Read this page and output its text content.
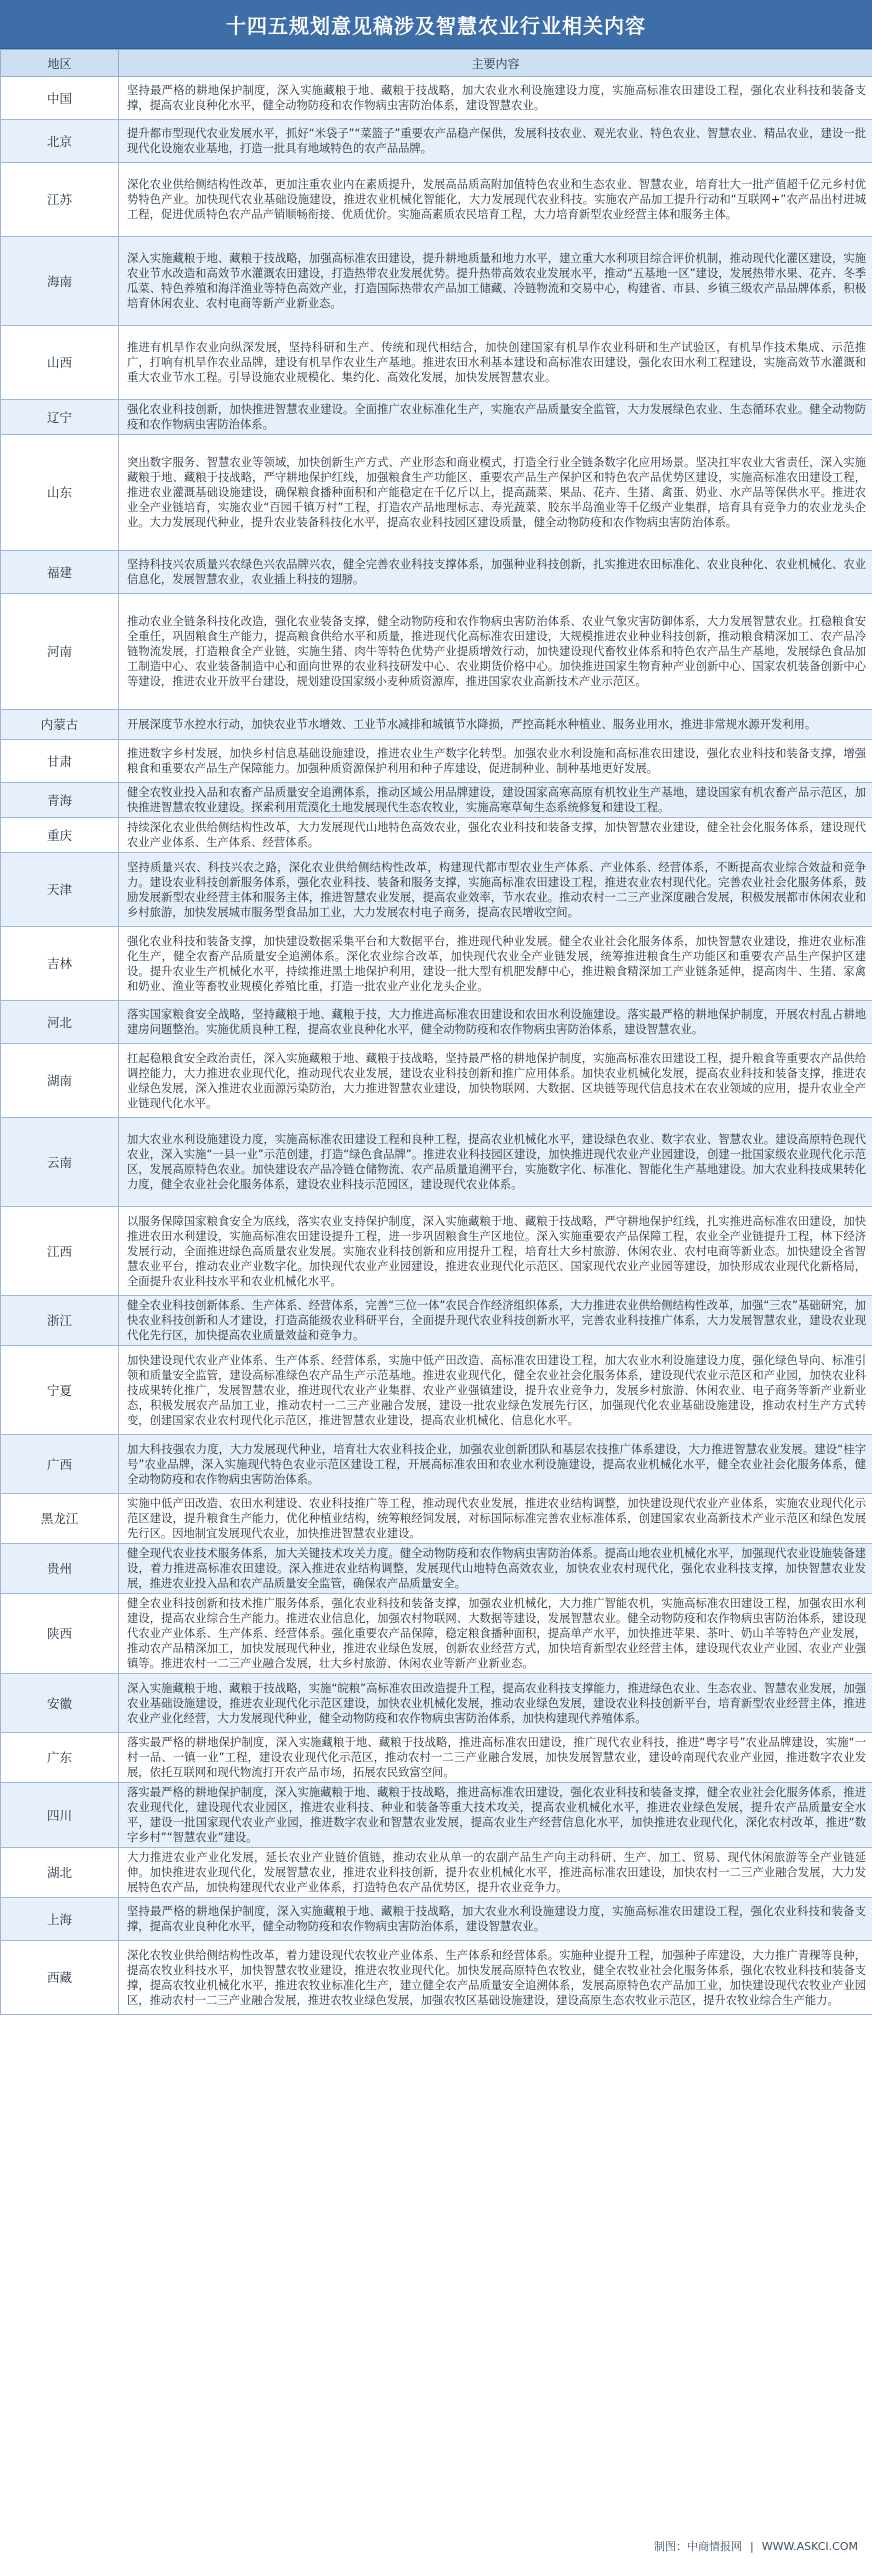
十四五规划意见稿涉及智慧农业行业相关内容
地区	主要内容
中国	坚持最严格的耕地保护制度，深入实施藏粮于地、藏粮于技战略，加大农业水利设施建设力度，实施高标准农田建设工程，强化农业科技和装备支撑，提高农业良种化水平，健全动物防疫和农作物病虫害防治体系，建设智慧农业。
北京	提升都市型现代农业发展水平，抓好“米袋子”“菜篮子”重要农产品稳产保供，发展科技农业、观光农业、特色农业、智慧农业、精品农业，建设一批现代化设施农业基地，打造一批具有地域特色的农产品品牌。
江苏	深化农业供给侧结构性改革，更加注重农业内在素质提升，发展高品质高附加值特色农业和生态农业、智慧农业，培育壮大一批产值超千亿元乡村优势特色产业。加快现代农业基础设施建设，推进农业机械化智能化，大力发展现代农业科技。实施农产品加工提升行动和“互联网+”农产品出村进城工程，促进优质特色农产品产销顺畅衔接、优质优价。实施高素质农民培育工程，大力培育新型农业经营主体和服务主体。
海南	深入实施藏粮于地、藏粮于技战略，加强高标准农田建设，提升耕地质量和地力水平，建立重大水利项目综合评价机制，推动现代化灌区建设，实施农业节水改造和高效节水灌溉农田建设，打造热带农业发展优势。提升热带高效农业发展水平，推动“五基地一区”建设，发展热带水果、花卉、冬季瓜菜、特色养殖和海洋渔业等特色高效产业，打造国际热带农产品加工储藏、冷链物流和交易中心，构建省、市县、乡镇三级农产品品牌体系，积极培育休闲农业、农村电商等新产业新业态。
山西	推进有机旱作农业向纵深发展，坚持科研和生产、传统和现代相结合，加快创建国家有机旱作农业科研和生产试验区，有机旱作技术集成、示范推广，打响有机旱作农业品牌，建设有机旱作农业生产基地。推进农田水利基本建设和高标准农田建设，强化农田水利工程建设，实施高效节水灌溉和重大农业节水工程。引导设施农业规模化、集约化、高效化发展，加快发展智慧农业。
辽宁	强化农业科技创新，加快推进智慧农业建设。全面推广农业标准化生产，实施农产品质量安全监管，大力发展绿色农业、生态循环农业。健全动物防疫和农作物病虫害防治体系。
山东	突出数字服务、智慧农业等领域，加快创新生产方式、产业形态和商业模式，打造全行业全链条数字化应用场景。坚决扛牢农业大省责任，深入实施藏粮于地、藏粮于技战略，严守耕地保护红线，加强粮食生产功能区、重要农产品生产保护区和特色农产品优势区建设，实施高标准农田建设工程，推进农业灌溉基础设施建设，确保粮食播种面积和产能稳定在千亿斤以上，提高蔬菜、果品、花卉、生猪、禽蛋、奶业、水产品等保供水平。推进农业全产业链培育，实施农业“百园千镇万村”工程，打造农产品地理标志、寿光蔬菜、胶东半岛渔业等千亿级产业集群，培育具有竞争力的农业龙头企业。大力发展现代种业，提升农业装备科技化水平，提高农业科技园区建设质量，健全动物防疫和农作物病虫害防治体系。
福建	坚持科技兴农质量兴农绿色兴农品牌兴农，健全完善农业科技支撑体系，加强种业科技创新，扎实推进农田标准化、农业良种化、农业机械化、农业信息化，发展智慧农业，农业插上科技的翅膀。
河南	推动农业全链条科技化改造，强化农业装备支撑，健全动物防疫和农作物病虫害防治体系、农业气象灾害防御体系，大力发展智慧农业。扛稳粮食安全重任，巩固粮食生产能力，提高粮食供给水平和质量，推进现代化高标准农田建设，大规模推进农业种业科技创新，推动粮食精深加工、农产品冷链物流发展，打造粮食全产业链，实施生猪、肉牛等特色优势产业提质增效行动，加快建设现代畜牧业体系和特色农产品生产基地，发展绿色食品加工制造中心、农业装备制造中心和面向世界的农业科技研发中心、农业期货价格中心。加快推进国家生物育种产业创新中心、国家农机装备创新中心等建设，推进农业开放平台建设，规划建设国家级小麦种质资源库，推进国家农业高新技术产业示范区。
内蒙古	开展深度节水控水行动，加快农业节水增效、工业节水减排和城镇节水降损，严控高耗水种植业、服务业用水，推进非常规水源开发利用。
甘肃	推进数字乡村发展，加快乡村信息基础设施建设，推进农业生产数字化转型。加强农业水利设施和高标准农田建设，强化农业科技和装备支撑，增强粮食和重要农产品生产保障能力。加强种质资源保护利用和种子库建设，促进制种业、制种基地更好发展。
青海	健全农牧业投入品和农畜产品质量安全追溯体系，推动区域公用品牌建设，建设国家高寒高原有机牧业生产基地，建设国家有机农畜产品示范区，加快推进智慧农牧业建设。探索利用荒漠化土地发展现代生态农牧业，实施高寒草甸生态系统修复和建设工程。
重庆	持续深化农业供给侧结构性改革，大力发展现代山地特色高效农业，强化农业科技和装备支撑，加快智慧农业建设，健全社会化服务体系，建设现代农业产业体系、生产体系、经营体系。
天津	坚持质量兴农、科技兴农之路，深化农业供给侧结构性改革，构建现代都市型农业生产体系、产业体系、经营体系，不断提高农业综合效益和竞争力。建设农业科技创新服务体系，强化农业科技、装备和服务支撑，实施高标准农田建设工程，推进农业农村现代化。完善农业社会化服务体系，鼓励发展新型农业经营主体和服务主体，推进智慧农业发展，提高农业效率，节水农业。推动农村一二三产业深度融合发展，积极发展都市休闲农业和乡村旅游，加快发展城市服务型食品加工业，大力发展农村电子商务，提高农民增收空间。
吉林	强化农业科技和装备支撑，加快建设数据采集平台和大数据平台，推进现代种业发展。健全农业社会化服务体系，加快智慧农业建设，推进农业标准化生产，健全农畜产品质量安全追溯体系。深化农业综合改革，加快现代农业全产业链发展，统筹推进粮食生产功能区和重要农产品生产保护区建设。提升农业生产机械化水平，持续推进黑土地保护利用，建设一批大型有机肥发酵中心，推进粮食精深加工产业链条延伸，提高肉牛、生猪、家禽和奶业、渔业等畜牧业规模化养殖比重，打造一批农业产业化龙头企业。
河北	落实国家粮食安全战略，坚持藏粮于地、藏粮于技，大力推进高标准农田建设和农田水利设施建设。落实最严格的耕地保护制度，开展农村乱占耕地建房问题整治。实施优质良种工程，提高农业良种化水平，健全动物防疫和农作物病虫害防治体系，建设智慧农业。
湖南	扛起稳粮食安全政治责任，深入实施藏粮于地、藏粮于技战略，坚持最严格的耕地保护制度，实施高标准农田建设工程，提升粮食等重要农产品供给调控能力，大力推进农业现代化，推动现代农业发展，建设农业科技创新和推广应用体系。加快农业机械化发展，提高农业科技和装备支撑，推进农业绿色发展，深入推进农业面源污染防治，大力推进智慧农业建设，加快物联网、大数据、区块链等现代信息技术在农业领域的应用，提升农业全产业链现代化水平。
云南	加大农业水利设施建设力度，实施高标准农田建设工程和良种工程，提高农业机械化水平，建设绿色农业、数字农业、智慧农业。建设高原特色现代农业，深入实施“一县一业”示范创建，打造“绿色食品牌”。推进农业科技园区建设，加快推进现代农业产业园建设，创建一批国家级农业现代化示范区，发展高原特色农业。加快建设农产品冷链仓储物流、农产品质量追溯平台，实施数字化、标准化、智能化生产基地建设。加大农业科技成果转化力度，健全农业社会化服务体系，建设农业科技示范园区，建设现代农业体系。
江西	以服务保障国家粮食安全为底线，落实农业支持保护制度，深入实施藏粮于地、藏粮于技战略，严守耕地保护红线，扎实推进高标准农田建设，加快推进农田水利建设，实施高标准农田建设提升工程，进一步巩固粮食生产区地位。深入实施重要农产品保障工程，农业全产业链提升工程，林下经济发展行动，全面推进绿色高质量农业发展。实施农业科技创新和应用提升工程，培育壮大乡村旅游、休闲农业、农村电商等新业态。加快建设全省智慧农业平台，推动农业产业数字化。加快现代农业产业园建设，推进农业现代化示范区、国家现代农业产业园等建设，加快形成农业现代化新格局，全面提升农业科技水平和农业机械化水平。
浙江	健全农业科技创新体系、生产体系、经营体系，完善“三位一体”农民合作经济组织体系，大力推进农业供给侧结构性改革，加强“三农”基础研究，加快农业科技创新和人才建设，打造高能级农业科研平台，全面提升现代农业科技创新水平，完善农业科技推广体系，大力发展智慧农业，建设农业现代化先行区，加快提高农业质量效益和竞争力。
宁夏	加快建设现代农业产业体系、生产体系、经营体系，实施中低产田改造、高标准农田建设工程，加大农业水利设施建设力度，强化绿色导向、标准引领和质量安全监管，建设高标准绿色农产品生产示范基地。推进农业现代化，健全农业社会化服务体系，建设现代农业示范区和产业园，加快农业科技成果转化推广，发展智慧农业，推进现代农业产业集群、农业产业强镇建设，提升农业竞争力，发展乡村旅游、休闲农业、电子商务等新产业新业态，积极发展农产品加工业，推动农村一二三产业融合发展，建设一批农业绿色发展先行区，加强现代化农业基础设施建设，推动农村生产方式转变，创建国家农业农村现代化示范区，推进智慧农业建设，提高农业机械化、信息化水平。
广西	加大科技强农力度，大力发展现代种业，培育壮大农业科技企业，加强农业创新团队和基层农技推广体系建设，大力推进智慧农业发展。建设“桂字号”农业品牌，深入实施现代特色农业示范区建设工程，开展高标准农田和农业水利设施建设，提高农业机械化水平，健全农业社会化服务体系，健全动物防疫和农作物病虫害防治体系。
黑龙江	实施中低产田改造、农田水利建设、农业科技推广等工程，推动现代农业发展，推进农业结构调整，加快建设现代农业产业体系，实施农业现代化示范区建设，提升粮食生产能力，优化种植业结构，统筹粮经饲发展，对标国际标准完善农业标准体系，创建国家农业高新技术产业示范区和绿色发展先行区。因地制宜发展现代农业，加快推进智慧农业建设。
贵州	健全现代农业技术服务体系，加大关键技术攻关力度。健全动物防疫和农作物病虫害防治体系。提高山地农业机械化水平，加强现代农业设施装备建设，着力推进高标准农田建设。深入推进农业结构调整，发展现代山地特色高效农业，加快农业农村现代化，强化农业科技支撑，加快智慧农业发展，推进农业投入品和农产品质量安全监管，确保农产品质量安全。
陕西	健全农业科技创新和技术推广服务体系，强化农业科技和装备支撑，加强农业机械化，大力推广智能农机，实施高标准农田建设工程，加强农田水利建设，提高农业综合生产能力。推进农业信息化，加强农村物联网、大数据等建设，发展智慧农业。健全动物防疫和农作物病虫害防治体系，建设现代农业产业体系、生产体系、经营体系。强化重要农产品保障，稳定粮食播种面积，提高单产水平，加快推进苹果、茶叶、奶山羊等特色产业发展，推动农产品精深加工，加快发展现代种业，推进农业绿色发展，创新农业经营方式，加快培育新型农业经营主体，建设现代农业产业园、农业产业强镇等。推进农村一二三产业融合发展，壮大乡村旅游、休闲农业等新产业新业态。
安徽	深入实施藏粮于地、藏粮于技战略，实施“皖粮”高标准农田改造提升工程，提高农业科技支撑能力，推进绿色农业、生态农业、智慧农业发展，加强农业基础设施建设，推进农业现代化示范区建设，加快农业机械化发展，推动农业绿色发展，建设农业科技创新平台，培育新型农业经营主体，推进农业产业化经营，大力发展现代种业，健全动物防疫和农作物病虫害防治体系，加快构建现代养殖体系。
广东	落实最严格的耕地保护制度，深入实施藏粮于地、藏粮于技战略，推进高标准农田建设，推广现代农业科技，推进“粤字号”农业品牌建设，实施“一村一品、一镇一业”工程，建设农业现代化示范区，推动农村一二三产业融合发展，加快发展智慧农业，建设岭南现代农业产业园，推进数字农业发展，依托互联网和现代物流打开农产品市场，拓展农民致富空间。
四川	落实最严格的耕地保护制度，深入实施藏粮于地、藏粮于技战略，推进高标准农田建设，强化农业科技和装备支撑，健全农业社会化服务体系，推进农业现代化，建设现代农业园区，推进农业科技、种业和装备等重大技术攻关，提高农业机械化水平，推进农业绿色发展，提升农产品质量安全水平，建设一批国家现代农业产业园，推进数字农业和智慧农业发展，提高农业生产经营信息化水平，加快推进农业现代化，深化农村改革，推进“数字乡村”“智慧农业”建设。
湖北	大力推进农业产业化发展，延长农业产业链价值链，推动农业从单一的农副产品生产向主动科研、生产、加工、贸易、现代休闲旅游等全产业链延伸。加快推进农业现代化，发展智慧农业，推进农业科技创新，提升农业机械化水平，推进高标准农田建设，加快农村一二三产业融合发展，大力发展特色农产品，加快构建现代农业产业体系，打造特色农产品优势区，提升农业竞争力。
上海	坚持最严格的耕地保护制度，深入实施藏粮于地、藏粮于技战略，加大农业水利设施建设力度，实施高标准农田建设工程，强化农业科技和装备支撑，提高农业良种化水平，健全动物防疫和农作物病虫害防治体系，建设智慧农业。
西藏	深化农牧业供给侧结构性改革，着力建设现代农牧业产业体系、生产体系和经营体系。实施种业提升工程，加强种子库建设，大力推广青稞等良种，提高农牧业科技水平，加快智慧农牧业建设，推进农牧业现代化。加快发展高原特色农牧业，健全农牧业社会化服务体系，强化农牧业科技和装备支撑，提高农牧业机械化水平，推进农牧业标准化生产，建立健全农产品质量安全追溯体系，发展高原特色农产品加工业，加快建设现代农牧业产业园区，推动农村一二三产业融合发展，推进农牧业绿色发展，加强农牧区基础设施建设，建设高原生态农牧业示范区，提升农牧业综合生产能力。
制图：中商情报网 | WWW.ASKCI.COM
